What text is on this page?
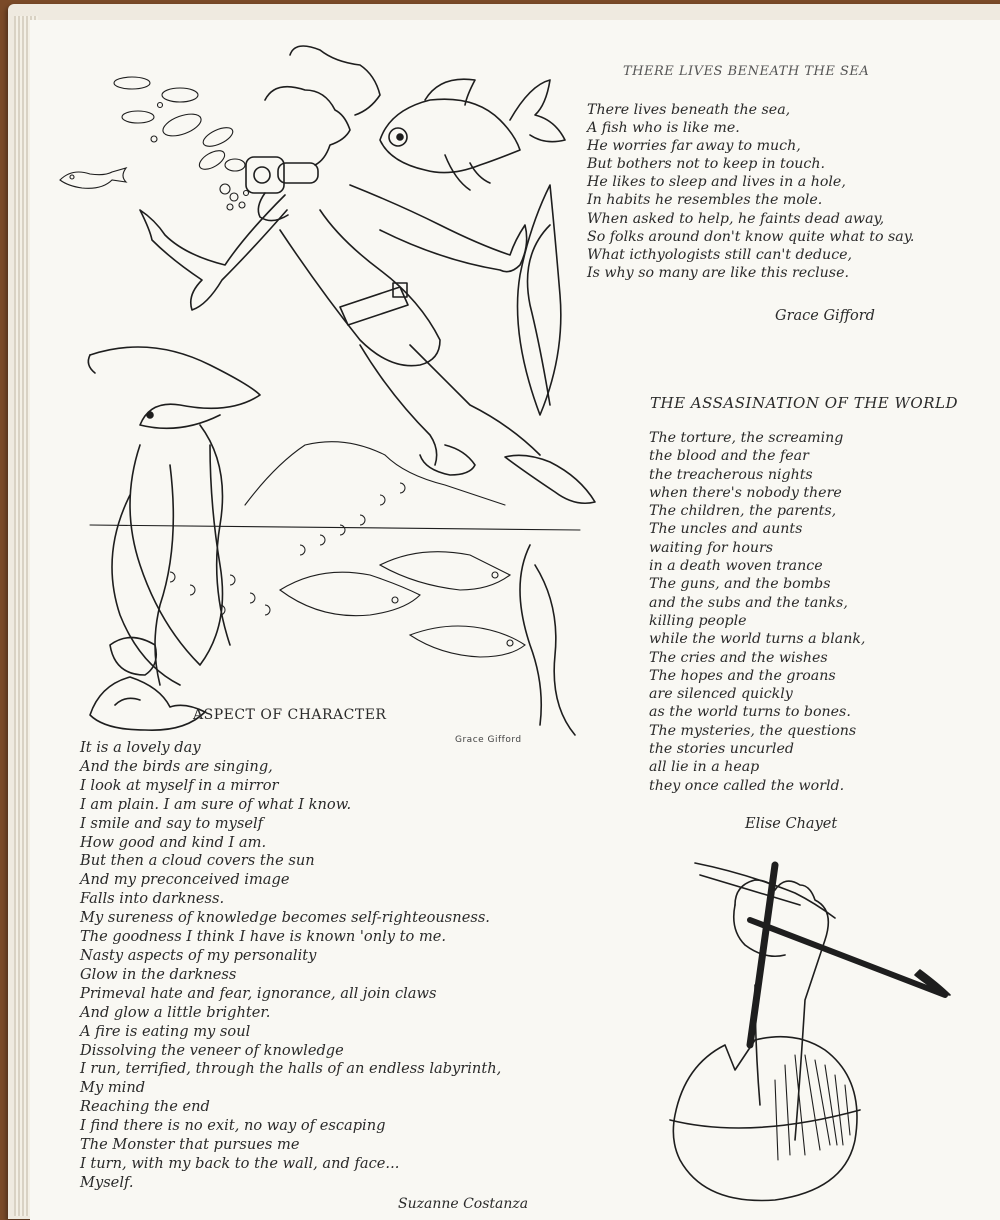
Grace Gifford
THERE LIVES BENEATH THE SEA
There lives beneath the sea,
A fish who is like me.
He worries far away to much,
But bothers not to keep in touch.
He likes to sleep and lives in a hole,
In habits he resembles the mole.
When asked to help, he faints dead away,
So folks around don't know quite what to say.
What icthyologists still can't deduce,
Is why so many are like this recluse.
Grace Gifford
THE ASSASINATION OF THE WORLD
The torture, the screaming
the blood and the fear
the treacherous nights
when there's nobody there
The children, the parents,
The uncles and aunts
waiting for hours
in a death woven trance
The guns, and the bombs
and the subs and the tanks,
killing people
while the world turns a blank,
The cries and the wishes
The hopes and the groans
are silenced quickly
as the world turns to bones.
The mysteries, the questions
the stories uncurled
all lie in a heap
they once called the world.
Elise Chayet
ASPECT OF CHARACTER
It is a lovely day
And the birds are singing,
I look at myself in a mirror
I am plain. I am sure of what I know.
I smile and say to myself
How good and kind I am.
But then a cloud covers the sun
And my preconceived image
Falls into darkness.
My sureness of knowledge becomes self-righteousness.
The goodness I think I have is known 'only to me.
Nasty aspects of my personality
Glow in the darkness
Primeval hate and fear, ignorance, all join claws
And glow a little brighter.
A fire is eating my soul
Dissolving the veneer of knowledge
I run, terrified, through the halls of an endless labyrinth,
My mind
Reaching the end
I find there is no exit, no way of escaping
The Monster that pursues me
I turn, with my back to the wall, and face...
Myself.
Suzanne Costanza
